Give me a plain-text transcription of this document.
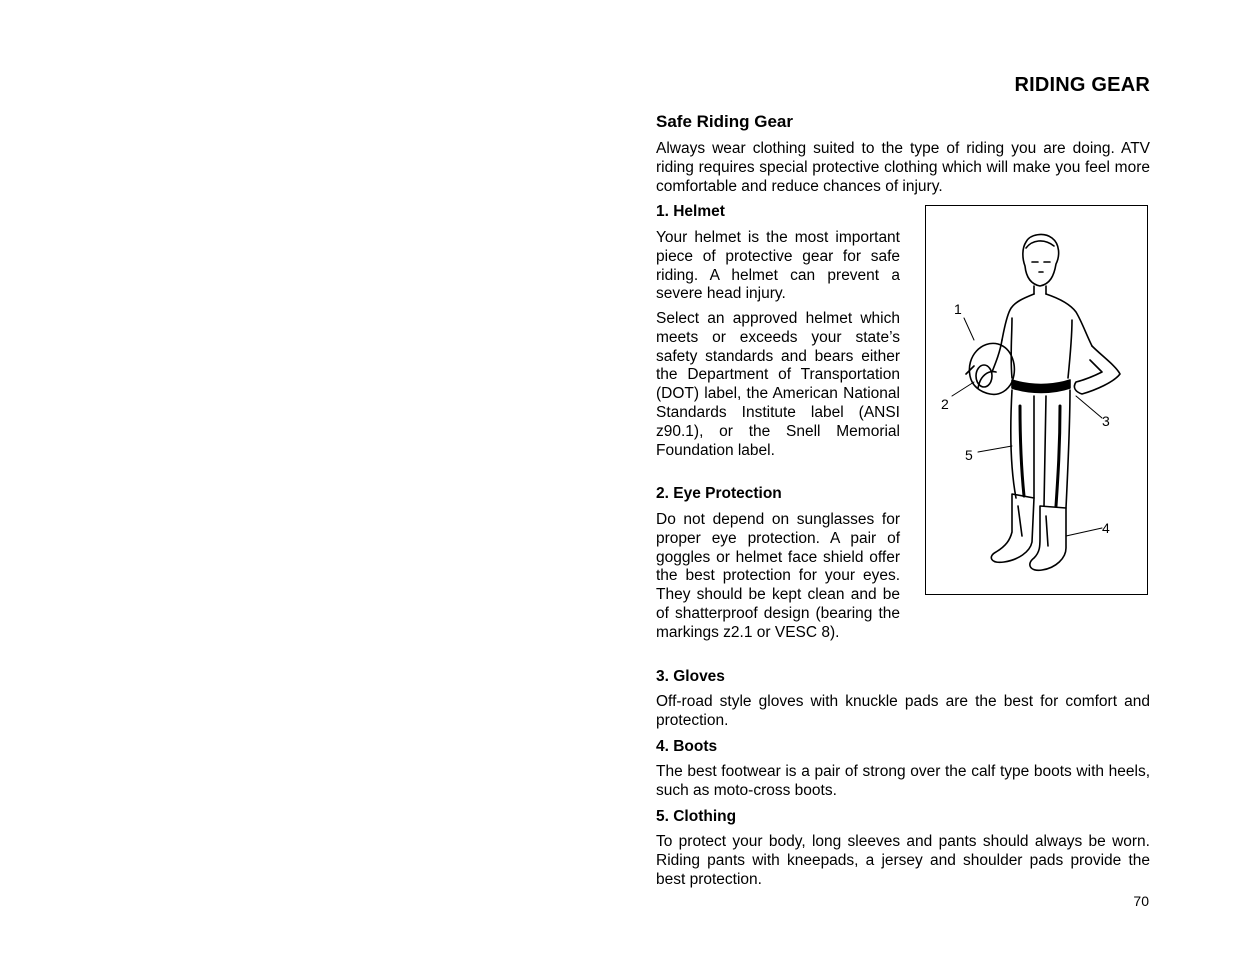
RIDING GEAR
Safe Riding Gear
Always wear clothing suited to the type of riding you are doing. ATV riding requires special protective clothing which will make you feel more comfortable and reduce chances of injury.
1. Helmet
Your helmet is the most important piece of protective gear for safe riding. A helmet can prevent a severe head injury.
Select an approved helmet which meets or exceeds your state’s safety standards and bears either the Department of Transportation (DOT) label, the American National Standards Institute label (ANSI z90.1), or the Snell Memorial Foundation label.
2. Eye Protection
Do not depend on sunglasses for proper eye protection. A pair of goggles or helmet face shield offer the best protection for your eyes. They should be kept clean and be of shatterproof design (bearing the markings z2.1 or VESC 8).
3. Gloves
Off-road style gloves with knuckle pads are the best for comfort and protection.
4. Boots
The best footwear is a pair of strong over the calf type boots with heels, such as moto-cross boots.
5. Clothing
To protect your body, long sleeves and pants should always be worn. Riding pants with kneepads, a jersey and shoulder pads provide the best protection.
1
2
3
4
5
70
